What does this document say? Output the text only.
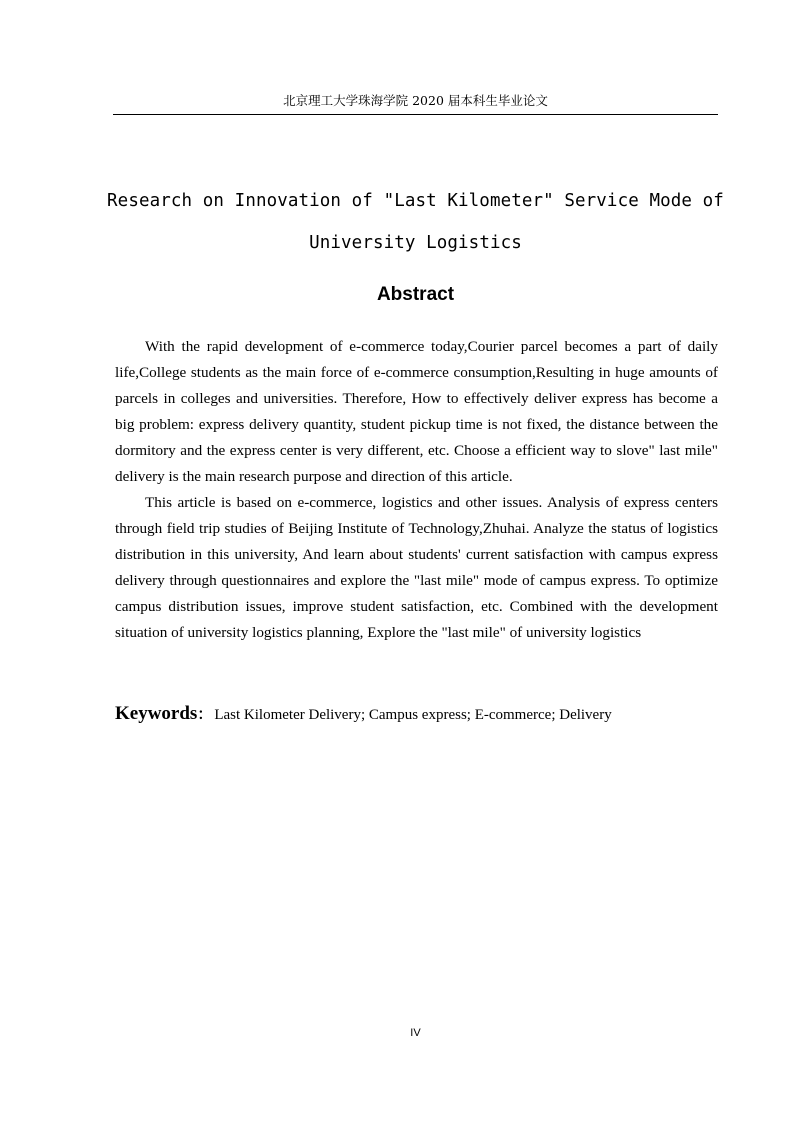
北京理工大学珠海学院 2020 届本科生毕业论文
Research on Innovation of "Last Kilometer" Service Mode of
University Logistics
Abstract

With the rapid development of e-commerce today,Courier parcel becomes a part of daily life,College students as the main force of e-commerce consumption,Resulting in huge amounts of parcels in colleges and universities. Therefore, How to effectively deliver express has become a big problem: express delivery quantity, student pickup time is not fixed, the distance between the dormitory and the express center is very different, etc. Choose a efficient way to slove" last mile" delivery is the main research purpose and direction of this article.

This article is based on e-commerce, logistics and other issues. Analysis of express centers through field trip studies of Beijing Institute of Technology,Zhuhai. Analyze the status of logistics distribution in this university, And learn about students' current satisfaction with campus express delivery through questionnaires and explore the "last mile" mode of campus express. To optimize campus distribution issues, improve student satisfaction, etc. Combined with the development situation of university logistics planning, Explore the "last mile" of university logistics

Keywords： Last Kilometer Delivery; Campus express; E-commerce; Delivery
IV
